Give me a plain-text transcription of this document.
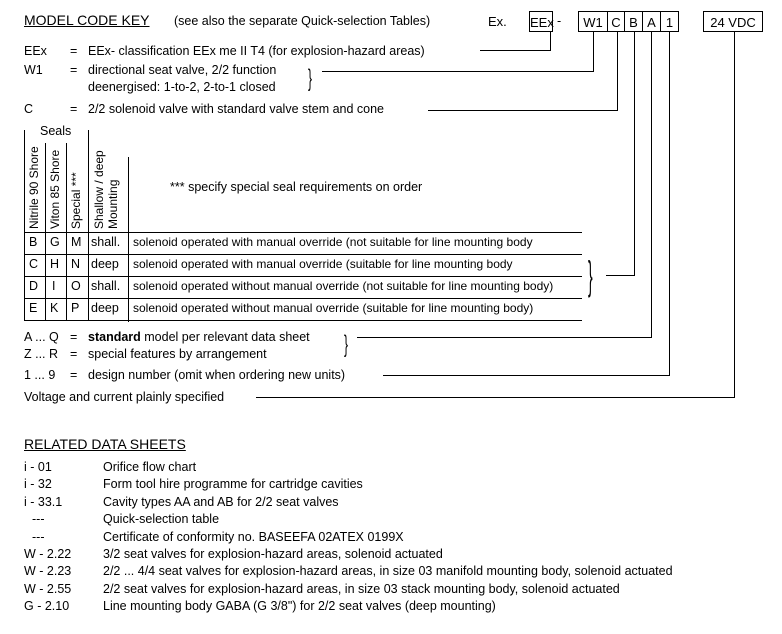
MODEL CODE KEY (see also the separate Quick-selection Tables)	Ex. EEx -	W1 C B A 1	24 VDC
EEx = EEx- classification EEx me II T4 (for explosion-hazard areas)
W1 = directional seat valve, 2/2 function
deenergised: 1-to-2, 2-to-1 closed }
C	= 2/2 solenoid valve with standard valve stem and cone
Seals
Nitrile 90 Shore Viton 85 Shore Special *** Shallow / deep Mounting	*** specify special seal requirements on order
B G M shall. solenoid operated with manual override (not suitable for line mounting body
C H N deep solenoid operated with manual override (suitable for line mounting body
D I O shall. solenoid operated without manual override (not suitable for line mounting body)
E K P deep solenoid operated without manual override (suitable for line mounting body)
}
A ... Q = standard model per relevant data sheet
Z ... R = special features by arrangement	}
1 ... 9 = design number (omit when ordering new units)
Voltage and current plainly specified
RELATED DATA SHEETS
i - 01	Orifice flow chart
i - 32	Form tool hire programme for cartridge cavities
i - 33.1	Cavity types AA and AB for 2/2 seat valves
---	Quick-selection table
---	Certificate of conformity no. BASEEFA 02ATEX 0199X
W - 2.22	3/2 seat valves for explosion-hazard areas, solenoid actuated
W - 2.23	2/2 ... 4/4 seat valves for explosion-hazard areas, in size 03 manifold mounting body, solenoid actuated
W - 2.55	2/2 seat valves for explosion-hazard areas, in size 03 stack mounting body, solenoid actuated
G - 2.10	Line mounting body GABA (G 3/8") for 2/2 seat valves (deep mounting)
